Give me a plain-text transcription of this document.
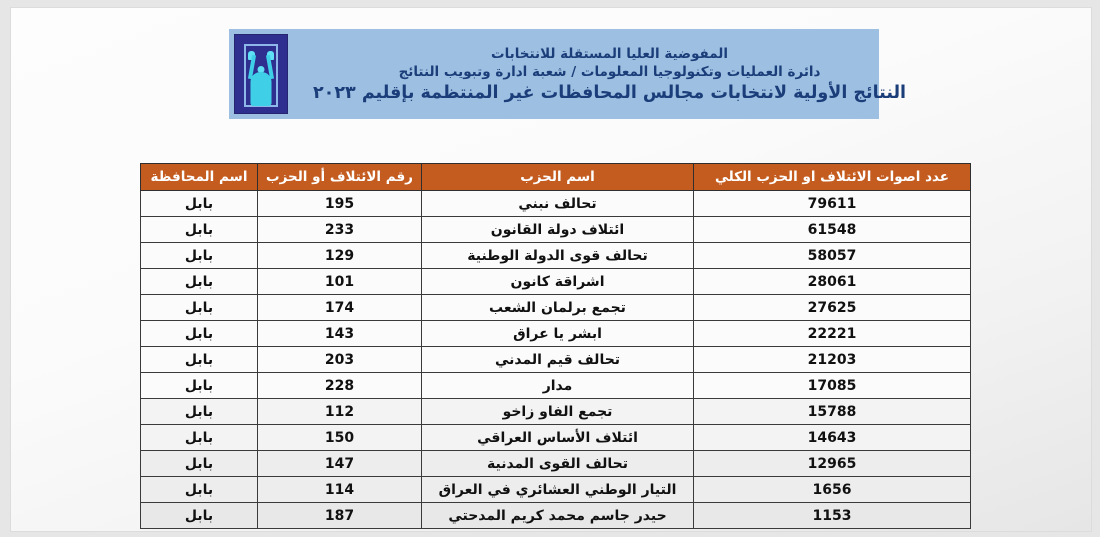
المفوضية العليا المستقلة للانتخابات
دائرة العمليات وتكنولوجيا المعلومات / شعبة ادارة وتبويب النتائج
النتائج الأولية لانتخابات مجالس المحافظات غير المنتظمة بإقليم ٢٠٢٣
عدد اصوات الائتلاف او الحزب الكلي	اسم الحزب	رقم الائتلاف أو الحزب	اسم المحافظة
79611	تحالف نبني	195	بابل
61548	ائتلاف دولة القانون	233	بابل
58057	تحالف قوى الدولة الوطنية	129	بابل
28061	اشراقة كانون	101	بابل
27625	تجمع برلمان الشعب	174	بابل
22221	ابشر يا عراق	143	بابل
21203	تحالف قيم المدني	203	بابل
17085	مدار	228	بابل
15788	تجمع الفاو زاخو	112	بابل
14643	ائتلاف الأساس العراقي	150	بابل
12965	تحالف القوى المدنية	147	بابل
1656	التيار الوطني العشائري في العراق	114	بابل
1153	حيدر جاسم محمد كريم المدحتي	187	بابل
